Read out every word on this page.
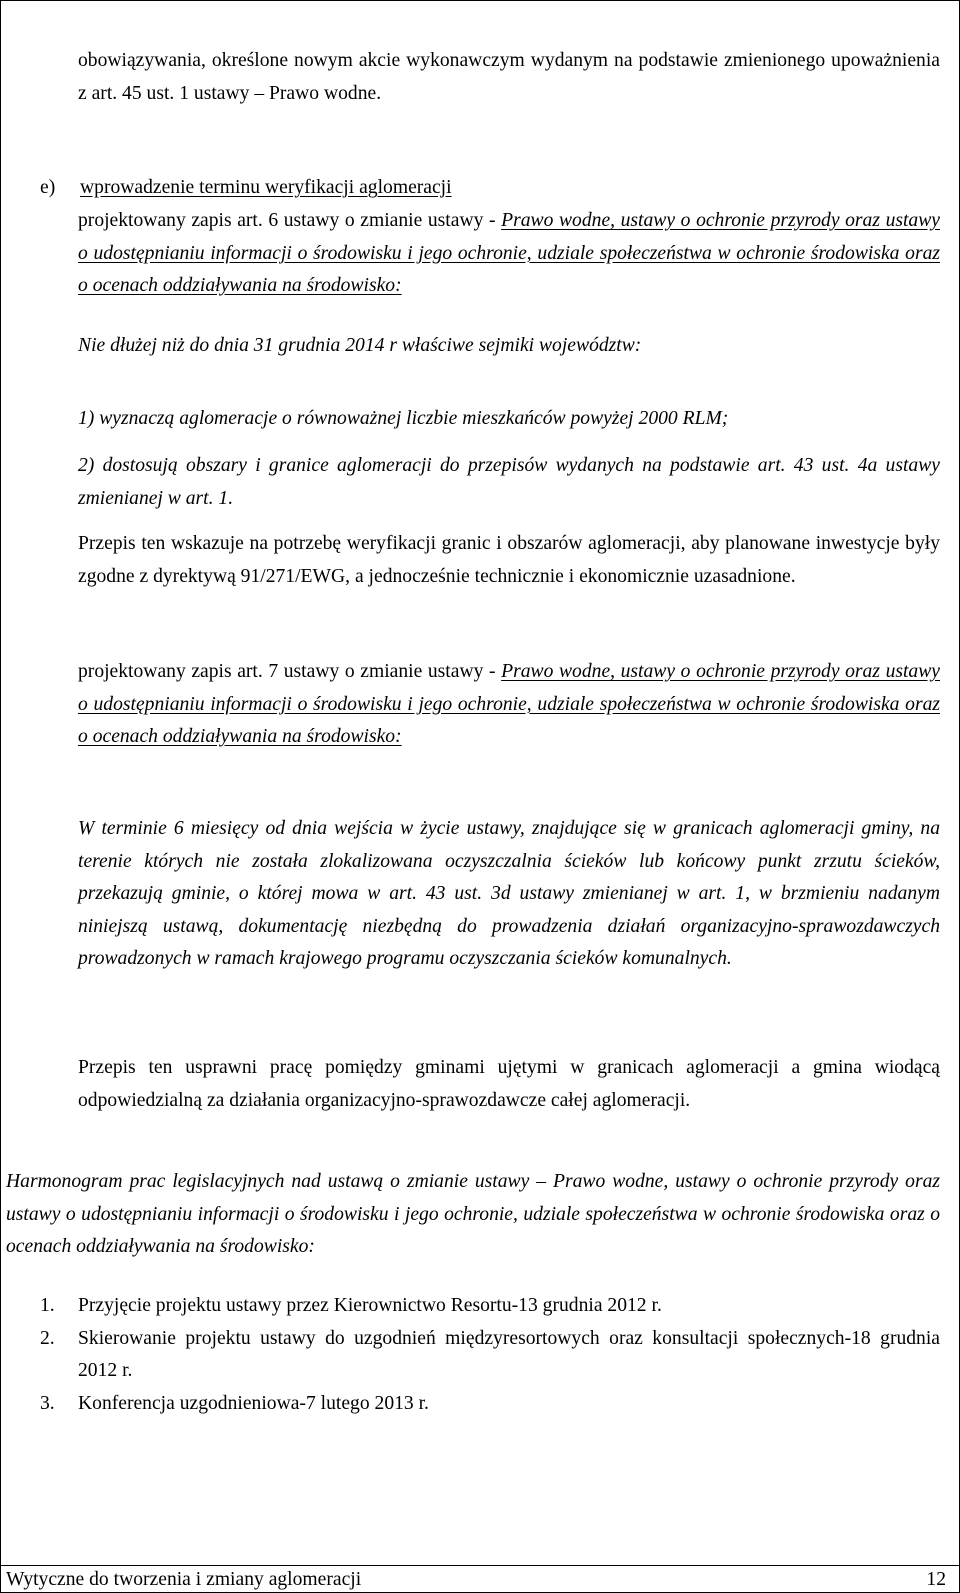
obowiązywania, określone nowym akcie wykonawczym wydanym na podstawie zmienionego upoważnienia z art. 45 ust. 1 ustawy – Prawo wodne.

e) wprowadzenie terminu weryfikacji aglomeracji

projektowany zapis art. 6 ustawy o zmianie ustawy - Prawo wodne, ustawy o ochronie przyrody oraz ustawy o udostępnianiu informacji o środowisku i jego ochronie, udziale społeczeństwa w ochronie środowiska oraz o ocenach oddziaływania na środowisko:

Nie dłużej niż do dnia 31 grudnia 2014 r właściwe sejmiki województw:

1) wyznaczą aglomeracje o równoważnej liczbie mieszkańców powyżej 2000 RLM;

2) dostosują obszary i granice aglomeracji do przepisów wydanych na podstawie art. 43 ust. 4a ustawy zmienianej w art. 1.

Przepis ten wskazuje na potrzebę weryfikacji granic i obszarów aglomeracji, aby planowane inwestycje były zgodne z dyrektywą 91/271/EWG, a jednocześnie technicznie i ekonomicznie uzasadnione.

projektowany zapis art. 7 ustawy o zmianie ustawy - Prawo wodne, ustawy o ochronie przyrody oraz ustawy o udostępnianiu informacji o środowisku i jego ochronie, udziale społeczeństwa w ochronie środowiska oraz o ocenach oddziaływania na środowisko:

W terminie 6 miesięcy od dnia wejścia w życie ustawy, znajdujące się w granicach aglomeracji gminy, na terenie których nie została zlokalizowana oczyszczalnia ścieków lub końcowy punkt zrzutu ścieków, przekazują gminie, o której mowa w art. 43 ust. 3d ustawy zmienianej w art. 1, w brzmieniu nadanym niniejszą ustawą, dokumentację niezbędną do prowadzenia działań organizacyjno-sprawozdawczych prowadzonych w ramach krajowego programu oczyszczania ścieków komunalnych.

Przepis ten usprawni pracę pomiędzy gminami ujętymi w granicach aglomeracji a gmina wiodącą odpowiedzialną za działania organizacyjno-sprawozdawcze całej aglomeracji.

Harmonogram prac legislacyjnych nad ustawą o zmianie ustawy – Prawo wodne, ustawy o ochronie przyrody oraz ustawy o udostępnianiu informacji o środowisku i jego ochronie, udziale społeczeństwa w ochronie środowiska oraz o ocenach oddziaływania na środowisko:

1.	Przyjęcie projektu ustawy przez Kierownictwo Resortu-13 grudnia 2012 r.
2.	Skierowanie projektu ustawy do uzgodnień międzyresortowych oraz konsultacji społecznych-18 grudnia 2012 r.
3.	Konferencja uzgodnieniowa-7 lutego 2013 r.
Wytyczne do tworzenia i zmiany aglomeracji	12
